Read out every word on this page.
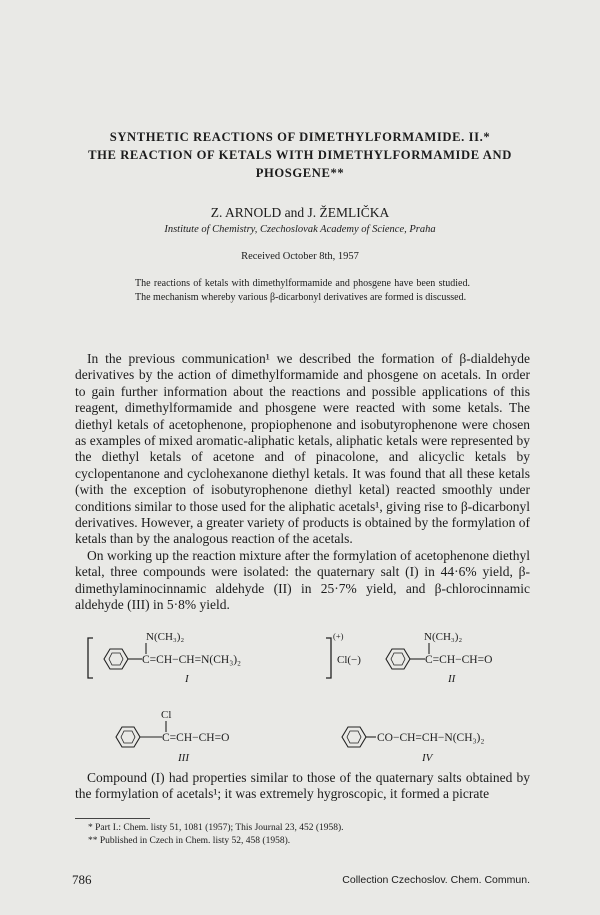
SYNTHETIC REACTIONS OF DIMETHYLFORMAMIDE. II.*
THE REACTION OF KETALS WITH DIMETHYLFORMAMIDE AND
PHOSGENE**
Z. ARNOLD and J. ŽEMLIČKA
Institute of Chemistry, Czechoslovak Academy of Science, Praha
Received October 8th, 1957
The reactions of ketals with dimethylformamide and phosgene have been studied. The mechanism whereby various β-dicarbonyl derivatives are formed is discussed.

In the previous communication¹ we described the formation of β-dialdehyde derivatives by the action of dimethylformamide and phosgene on acetals. In order to gain further information about the reactions and possible applications of this reagent, dimethylformamide and phosgene were reacted with some ketals. The diethyl ketals of acetophenone, propiophenone and isobutyrophenone were chosen as examples of mixed aromatic-aliphatic ketals, aliphatic ketals were represented by the diethyl ketals of acetone and of pinacolone, and alicyclic ketals by cyclopentanone and cyclohexanone diethyl ketals. It was found that all these ketals (with the exception of isobutyrophenone diethyl ketal) reacted smoothly under conditions similar to those used for the aliphatic acetals¹, giving rise to β-dicarbonyl derivatives. However, a greater variety of products is obtained by the formylation of ketals than by the analogous reaction of the acetals.

On working up the reaction mixture after the formylation of acetophenone diethyl ketal, three compounds were isolated: the quaternary salt (I) in 44·6% yield, β-dimethylaminocinnamic aldehyde (II) in 25·7% yield, and β-chlorocinnamic aldehyde (III) in 5·8% yield.

N(CH₃)₂
C=CH−CH=N(CH₃)₂
(+)
Cl(−)
I
N(CH₃)₂
C=CH−CH=O
II
Cl
C=CH−CH=O
III
CO−CH=CH−N(CH₃)₂
IV

Compound (I) had properties similar to those of the quaternary salts obtained by the formylation of acetals¹; it was extremely hygroscopic, it formed a picrate

* Part I.: Chem. listy 51, 1081 (1957); This Journal 23, 452 (1958).
** Published in Czech in Chem. listy 52, 458 (1958).
786	Collection Czechoslov. Chem. Commun.
